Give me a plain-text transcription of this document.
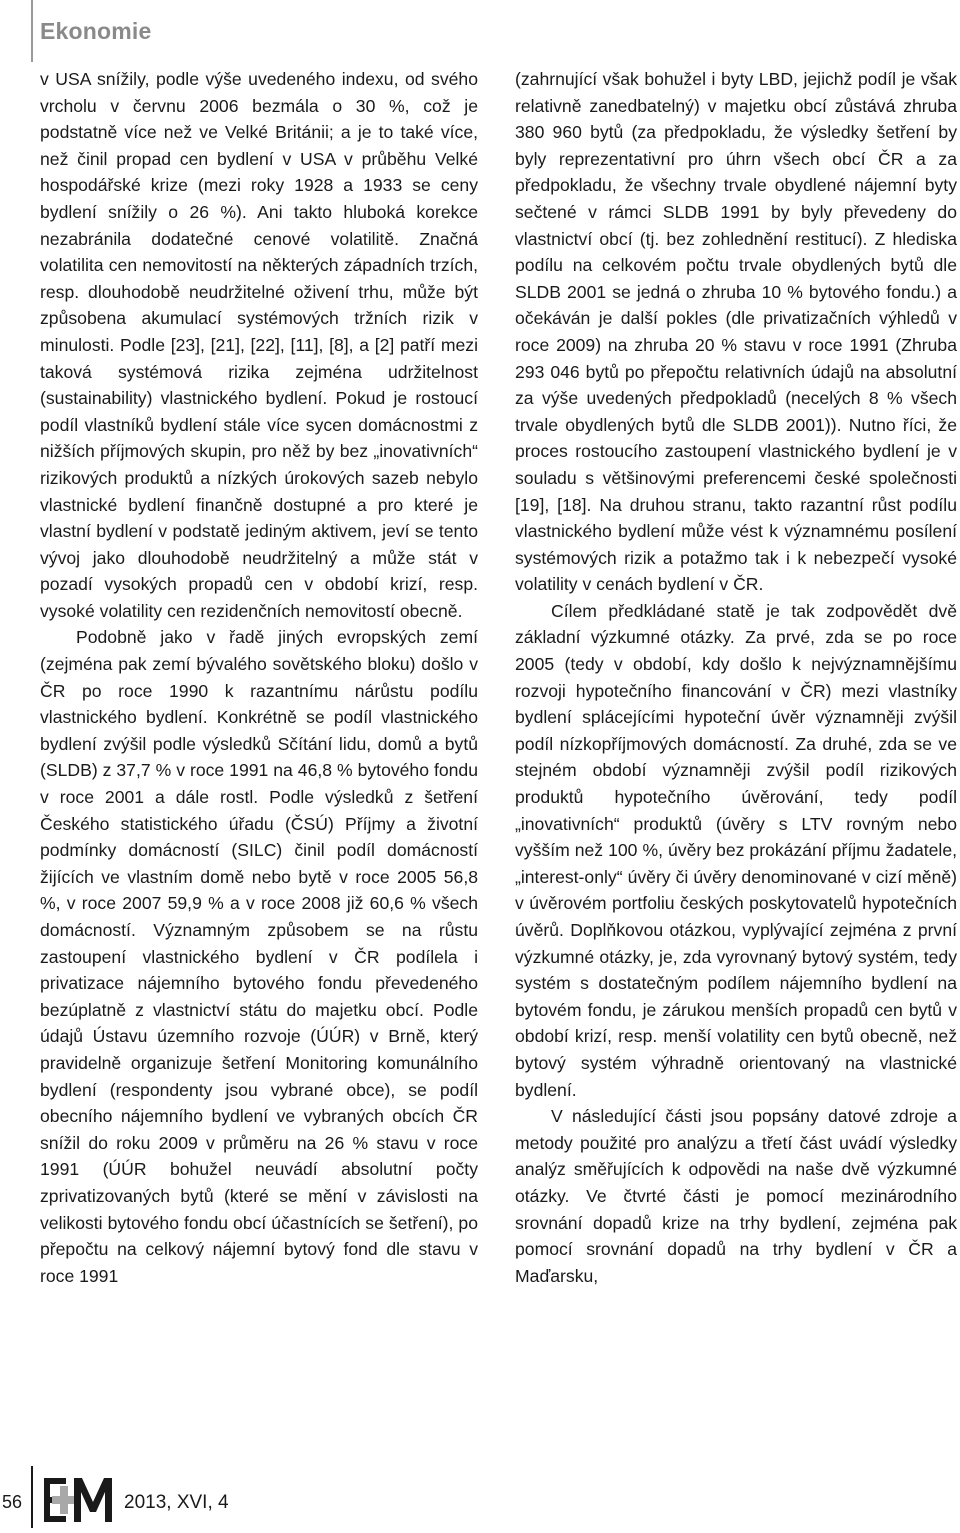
Ekonomie

v USA snížily, podle výše uvedeného indexu, od svého vrcholu v červnu 2006 bezmála o 30 %, což je podstatně více než ve Velké Británii; a je to také více, než činil propad cen bydlení v USA v průběhu Velké hospodářské krize (mezi roky 1928 a 1933 se ceny bydlení snížily o 26 %). Ani takto hluboká korekce nezabránila dodatečné cenové volatilitě. Značná volatilita cen nemovitostí na některých západních trzích, resp. dlouhodobě neudržitelné oživení trhu, může být způsobena akumulací systémových tržních rizik v minulosti. Podle [23], [21], [22], [11], [8], a [2] patří mezi taková systémová rizika zejména udržitelnost (sustainability) vlastnického bydlení. Pokud je rostoucí podíl vlastníků bydlení stále více sycen domácnostmi z nižších příjmových skupin, pro něž by bez „inovativních“ rizikových produktů a nízkých úrokových sazeb nebylo vlastnické bydlení finančně dostupné a pro které je vlastní bydlení v podstatě jediným aktivem, jeví se tento vývoj jako dlouhodobě neudržitelný a může stát v pozadí vysokých propadů cen v období krizí, resp. vysoké volatility cen rezidenčních nemovitostí obecně.

Podobně jako v řadě jiných evropských zemí (zejména pak zemí bývalého sovětského bloku) došlo v ČR po roce 1990 k razantnímu nárůstu podílu vlastnického bydlení. Konkrétně se podíl vlastnického bydlení zvýšil podle výsledků Sčítání lidu, domů a bytů (SLDB) z 37,7 % v roce 1991 na 46,8 % bytového fondu v roce 2001 a dále rostl. Podle výsledků z šetření Českého statistického úřadu (ČSÚ) Příjmy a životní podmínky domácností (SILC) činil podíl domácností žijících ve vlastním domě nebo bytě v roce 2005 56,8 %, v roce 2007 59,9 % a v roce 2008 již 60,6 % všech domácností. Významným způsobem se na růstu zastoupení vlastnického bydlení v ČR podílela i privatizace nájemního bytového fondu převedeného bezúplatně z vlastnictví státu do majetku obcí. Podle údajů Ústavu územního rozvoje (ÚÚR) v Brně, který pravidelně organizuje šetření Monitoring komunálního bydlení (respondenty jsou vybrané obce), se podíl obecního nájemního bydlení ve vybraných obcích ČR snížil do roku 2009 v průměru na 26 % stavu v roce 1991 (ÚÚR bohužel neuvádí absolutní počty zprivatizovaných bytů (které se mění v závislosti na velikosti bytového fondu obcí účastnících se šetření), po přepočtu na celkový nájemní bytový fond dle stavu v roce 1991

(zahrnující však bohužel i byty LBD, jejichž podíl je však relativně zanedbatelný) v majetku obcí zůstává zhruba 380 960 bytů (za předpokladu, že výsledky šetření by byly reprezentativní pro úhrn všech obcí ČR a za předpokladu, že všechny trvale obydlené nájemní byty sečtené v rámci SLDB 1991 by byly převedeny do vlastnictví obcí (tj. bez zohlednění restitucí). Z hlediska podílu na celkovém počtu trvale obydlených bytů dle SLDB 2001 se jedná o zhruba 10 % bytového fondu.) a očekáván je další pokles (dle privatizačních výhledů v roce 2009) na zhruba 20 % stavu v roce 1991 (Zhruba 293 046 bytů po přepočtu relativních údajů na absolutní za výše uvedených předpokladů (necelých 8 % všech trvale obydlených bytů dle SLDB 2001)). Nutno říci, že proces rostoucího zastoupení vlastnického bydlení je v souladu s většinovými preferencemi české společnosti [19], [18]. Na druhou stranu, takto razantní růst podílu vlastnického bydlení může vést k významnému posílení systémových rizik a potažmo tak i k nebezpečí vysoké volatility v cenách bydlení v ČR.

Cílem předkládané statě je tak zodpovědět dvě základní výzkumné otázky. Za prvé, zda se po roce 2005 (tedy v období, kdy došlo k nejvýznamnějšímu rozvoji hypotečního financování v ČR) mezi vlastníky bydlení splácejícími hypoteční úvěr významněji zvýšil podíl nízkopříjmových domácností. Za druhé, zda se ve stejném období významněji zvýšil podíl rizikových produktů hypotečního úvěrování, tedy podíl „inovativních“ produktů (úvěry s LTV rovným nebo vyšším než 100 %, úvěry bez prokázání příjmu žadatele, „interest-only“ úvěry či úvěry denominované v cizí měně) v úvěrovém portfoliu českých poskytovatelů hypotečních úvěrů. Doplňkovou otázkou, vyplývající zejména z první výzkumné otázky, je, zda vyrovnaný bytový systém, tedy systém s dostatečným podílem nájemního bydlení na bytovém fondu, je zárukou menších propadů cen bytů v období krizí, resp. menší volatility cen bytů obecně, než bytový systém výhradně orientovaný na vlastnické bydlení.

V následující části jsou popsány datové zdroje a metody použité pro analýzu a třetí část uvádí výsledky analýz směřujících k odpovědi na naše dvě výzkumné otázky. Ve čtvrté části je pomocí mezinárodního srovnání dopadů krize na trhy bydlení, zejména pak pomocí srovnání dopadů na trhy bydlení v ČR a Maďarsku,

56	2013, XVI, 4
